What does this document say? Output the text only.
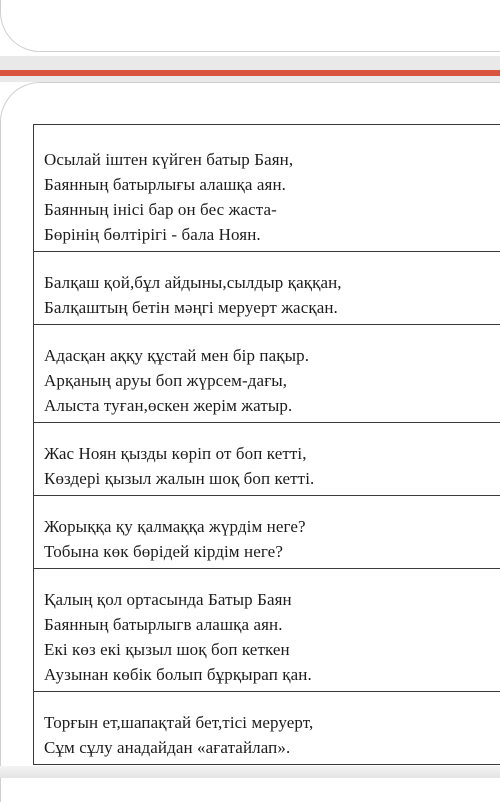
Осылай іштен күйген батыр Баян,
Баянның батырлығы алашқа аян.
Баянның інісі бар он бес жаста-
Бөрінің бөлтірігі - бала Ноян.
Балқаш қой,бұл айдыны,сылдыр қаққан,
Балқаштың бетін мәңгі меруерт жасқан.
Адасқан аққу құстай мен бір пақыр.
Арқаның аруы боп жүрсем-дағы,
Алыста туған,өскен жерім жатыр.
Жас Ноян қызды көріп от боп кетті,
Көздері қызыл жалын шоқ боп кетті.
Жорыққа қу қалмаққа жүрдім неге?
Тобына көк бөрідей кірдім неге?
Қалың қол ортасында Батыр Баян
Баянның батырлыгв алашқа аян.
Екі көз екі қызыл шоқ боп кеткен
Аузынан көбік болып бұрқырап қан.
Торғын ет,шапақтай бет,тісі меруерт,
Сұм сұлу анадайдан «ағатайлап».
